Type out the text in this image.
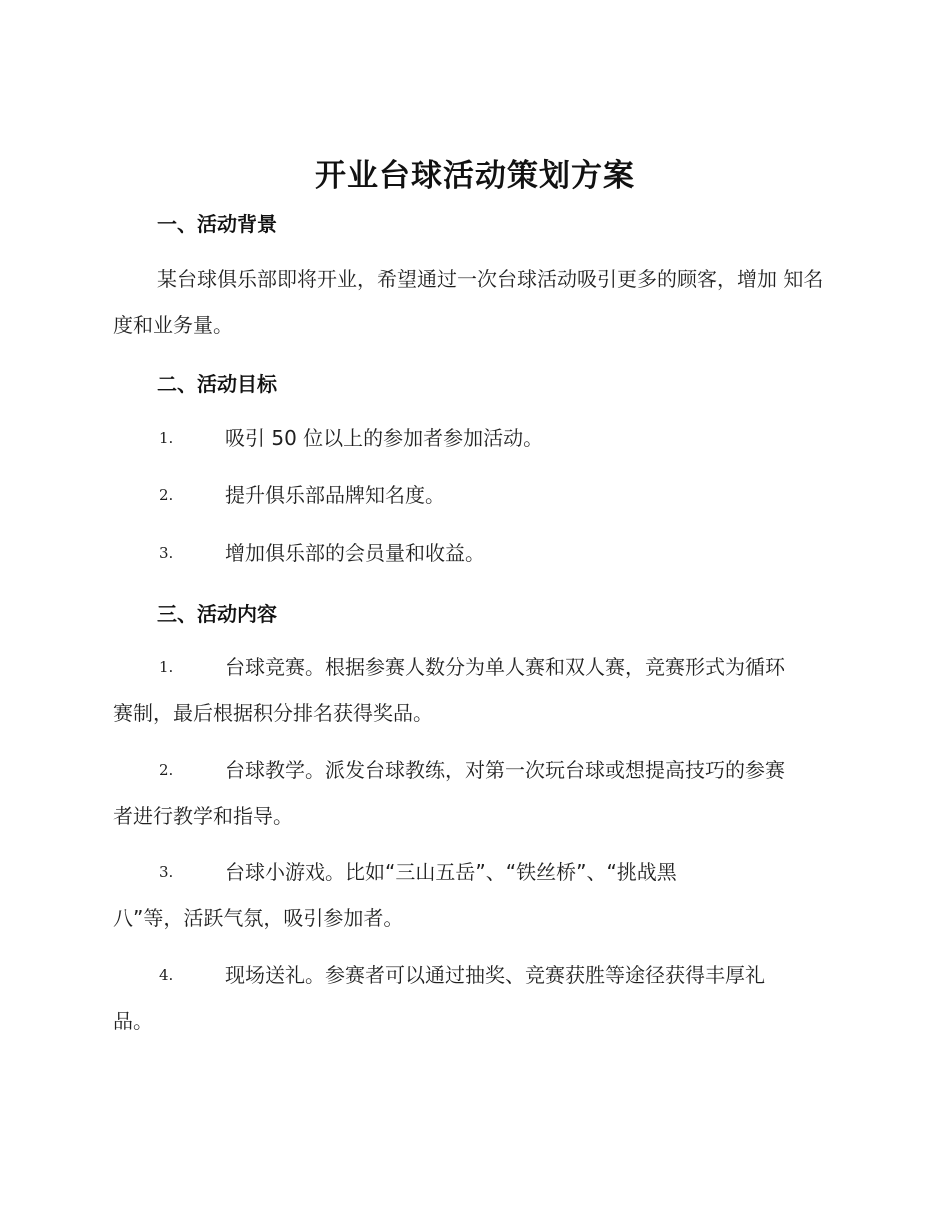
开业台球活动策划方案
一、活动背景
某台球俱乐部即将开业，希望通过一次台球活动吸引更多的顾客，增加 知名度和业务量。
二、活动目标
1.	吸引 50 位以上的参加者参加活动。
2.	提升俱乐部品牌知名度。
3.	增加俱乐部的会员量和收益。
三、活动内容
1.	台球竞赛。根据参赛人数分为单人赛和双人赛，竞赛形式为循环
赛制，最后根据积分排名获得奖品。
2.	台球教学。派发台球教练，对第一次玩台球或想提高技巧的参赛
者进行教学和指导。
3.	台球小游戏。比如“三山五岳”、“铁丝桥”、“挑战黑
八”等，活跃气氛，吸引参加者。
4.	现场送礼。参赛者可以通过抽奖、竞赛获胜等途径获得丰厚礼
品。
